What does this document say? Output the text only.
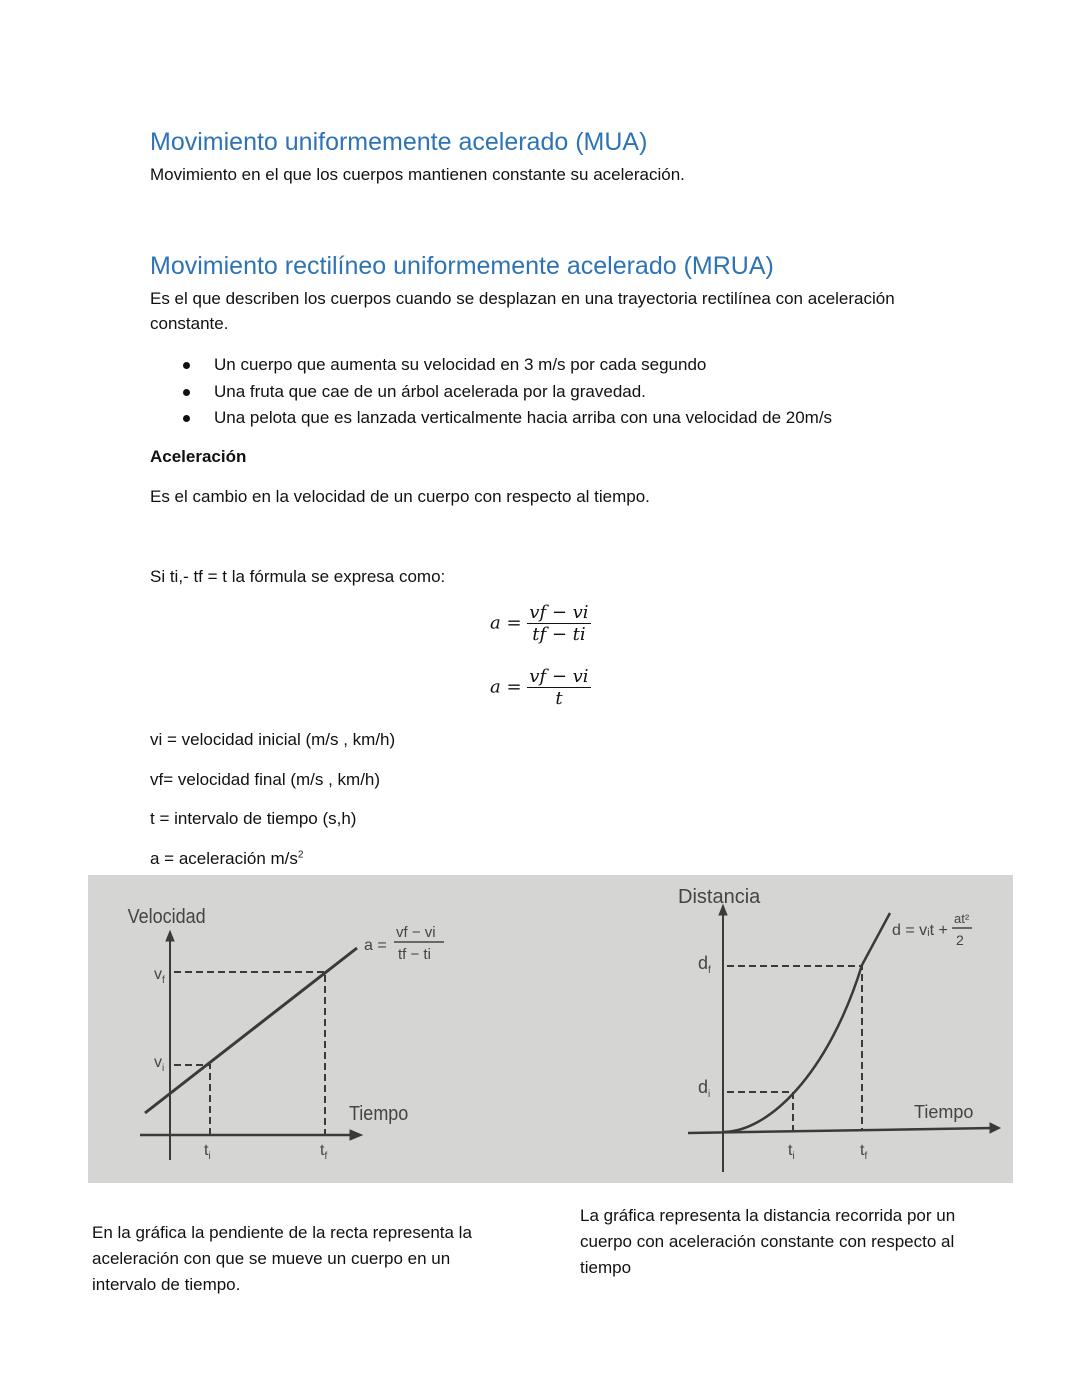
Movimiento uniformemente acelerado (MUA)
Movimiento en el que los cuerpos mantienen constante su aceleración.
Movimiento rectilíneo uniformemente acelerado (MRUA)
Es el que describen los cuerpos cuando se desplazan en una trayectoria rectilínea con aceleración
constante.
Un cuerpo que aumenta su velocidad en 3 m/s por cada segundo
Una fruta que cae de un árbol acelerada por la gravedad.
Una pelota que es lanzada verticalmente hacia arriba con una velocidad de 20m/s
Aceleración
Es el cambio en la velocidad de un cuerpo con respecto al tiempo.
Si ti,- tf = t la fórmula se expresa como:
$a = \frac{vf - vi}{tf - ti}$
$a = \frac{vf - vi}{t}$
vi = velocidad inicial (m/s , km/h)
vf= velocidad final (m/s , km/h)
t = intervalo de tiempo (s,h)
a = aceleración $m/s^2$
Velocidad
Tiempo
$v_f$
$v_i$
$t_i$	$t_f$
a =
vf − vi
tf − ti
Distancia
Tiempo
$d_f$
$d_i$
$t_i$	$t_f$
d = vᵢt +
at²
2
En la gráfica la pendiente de la recta representa la aceleración con que se mueve un cuerpo en un intervalo de tiempo.
La gráfica representa la distancia recorrida por un cuerpo con aceleración constante con respecto al tiempo
